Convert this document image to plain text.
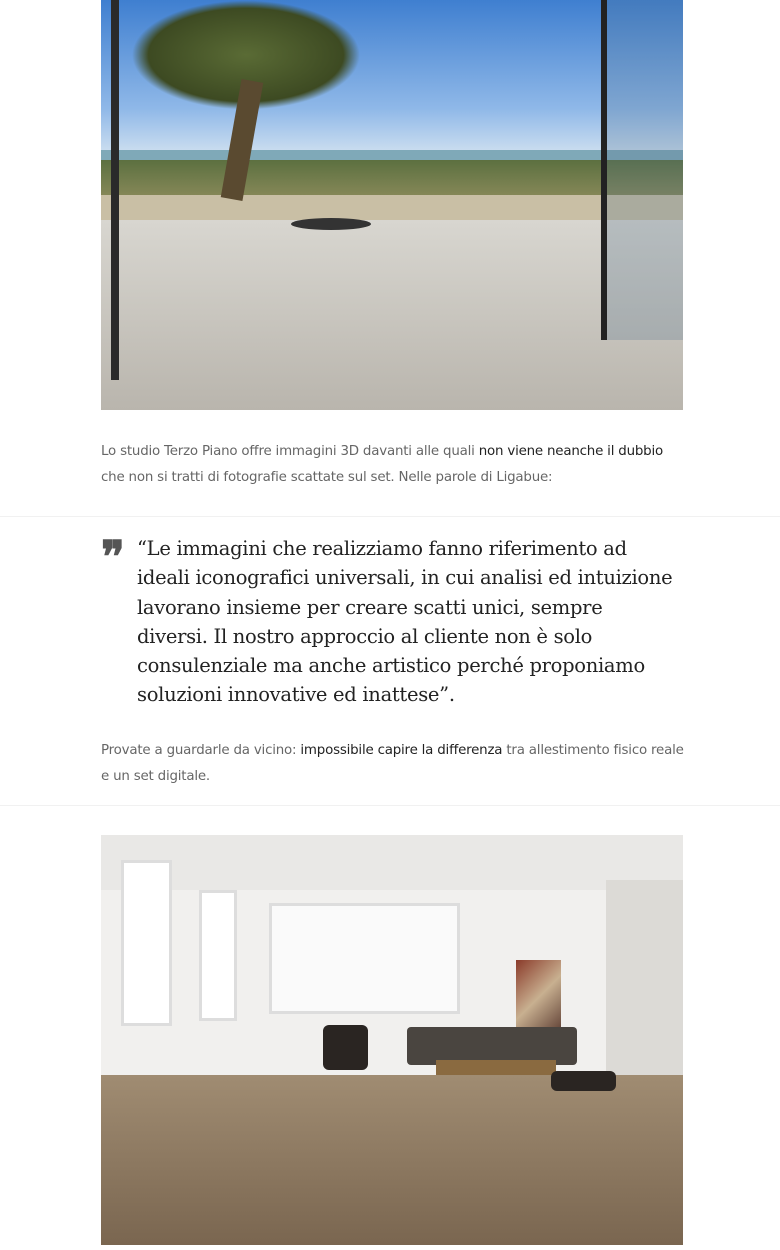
Lo studio Terzo Piano offre immagini 3D davanti alle quali non viene neanche il dubbio che non si tratti di fotografie scattate sul set. Nelle parole di Ligabue:

❞ “Le immagini che realizziamo fanno riferimento ad ideali iconografici universali, in cui analisi ed intuizione lavorano insieme per creare scatti unici, sempre diversi. Il nostro approccio al cliente non è solo consulenziale ma anche artistico perché proponiamo soluzioni innovative ed inattese”.

Provate a guardarle da vicino: impossibile capire la differenza tra allestimento fisico reale e un set digitale.
